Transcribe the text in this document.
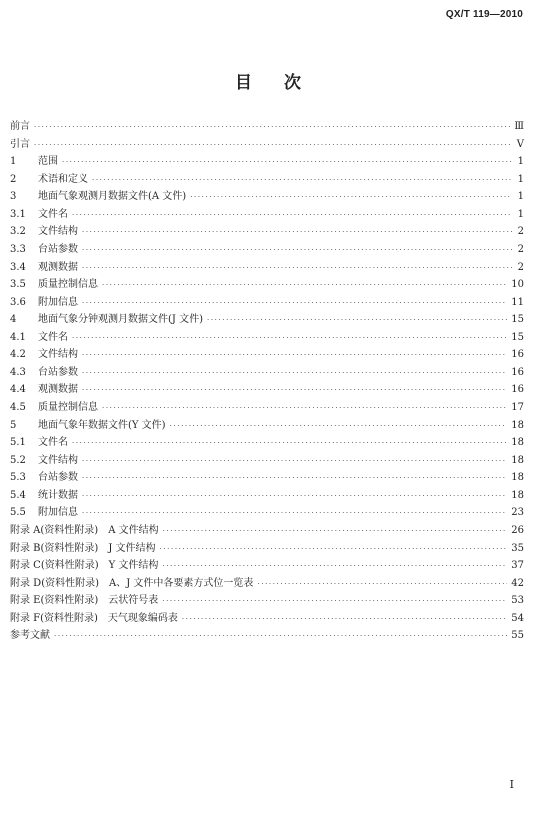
QX/T 119—2010
目 次
前言 ·····	Ⅲ
引言 ·····	Ⅴ
1 范围 ·····	1
2 术语和定义 ·····	1
3 地面气象观测月数据文件(A 文件) ·····	1
3.1 文件名 ·····	1
3.2 文件结构 ·····	2
3.3 台站参数 ·····	2
3.4 观测数据 ·····	2
3.5 质量控制信息 ·····	10
3.6 附加信息 ·····	11
4 地面气象分钟观测月数据文件(J 文件) ·····	15
4.1 文件名 ·····	15
4.2 文件结构 ·····	16
4.3 台站参数 ·····	16
4.4 观测数据 ·····	16
4.5 质量控制信息 ·····	17
5 地面气象年数据文件(Y 文件) ·····	18
5.1 文件名 ·····	18
5.2 文件结构 ·····	18
5.3 台站参数 ·····	18
5.4 统计数据 ·····	18
5.5 附加信息 ·····	23
附录 A(资料性附录)　A 文件结构 ·····	26
附录 B(资料性附录)　J 文件结构 ·····	35
附录 C(资料性附录)　Y 文件结构 ·····	37
附录 D(资料性附录)　A、J 文件中各要素方式位一览表 ·····	42
附录 E(资料性附录)　云状符号表 ·····	53
附录 F(资料性附录)　天气现象编码表 ·····	54
参考文献 ·····	55
Ⅰ
